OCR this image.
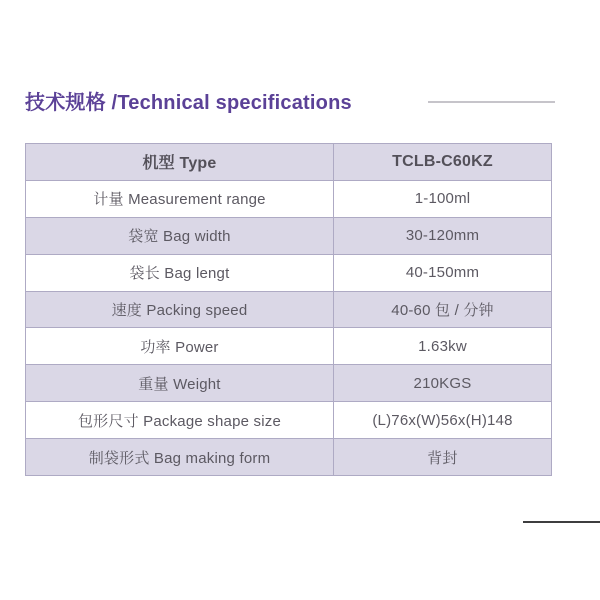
技术规格 /Technical specifications
机型 Type	TCLB-C60KZ
计量 Measurement range	1-100ml
袋宽 Bag width	30-120mm
袋长 Bag lengt	40-150mm
速度 Packing speed	40-60 包 / 分钟
功率 Power	1.63kw
重量 Weight	210KGS
包形尺寸 Package shape size	(L)76x(W)56x(H)148
制袋形式 Bag making form	背封
